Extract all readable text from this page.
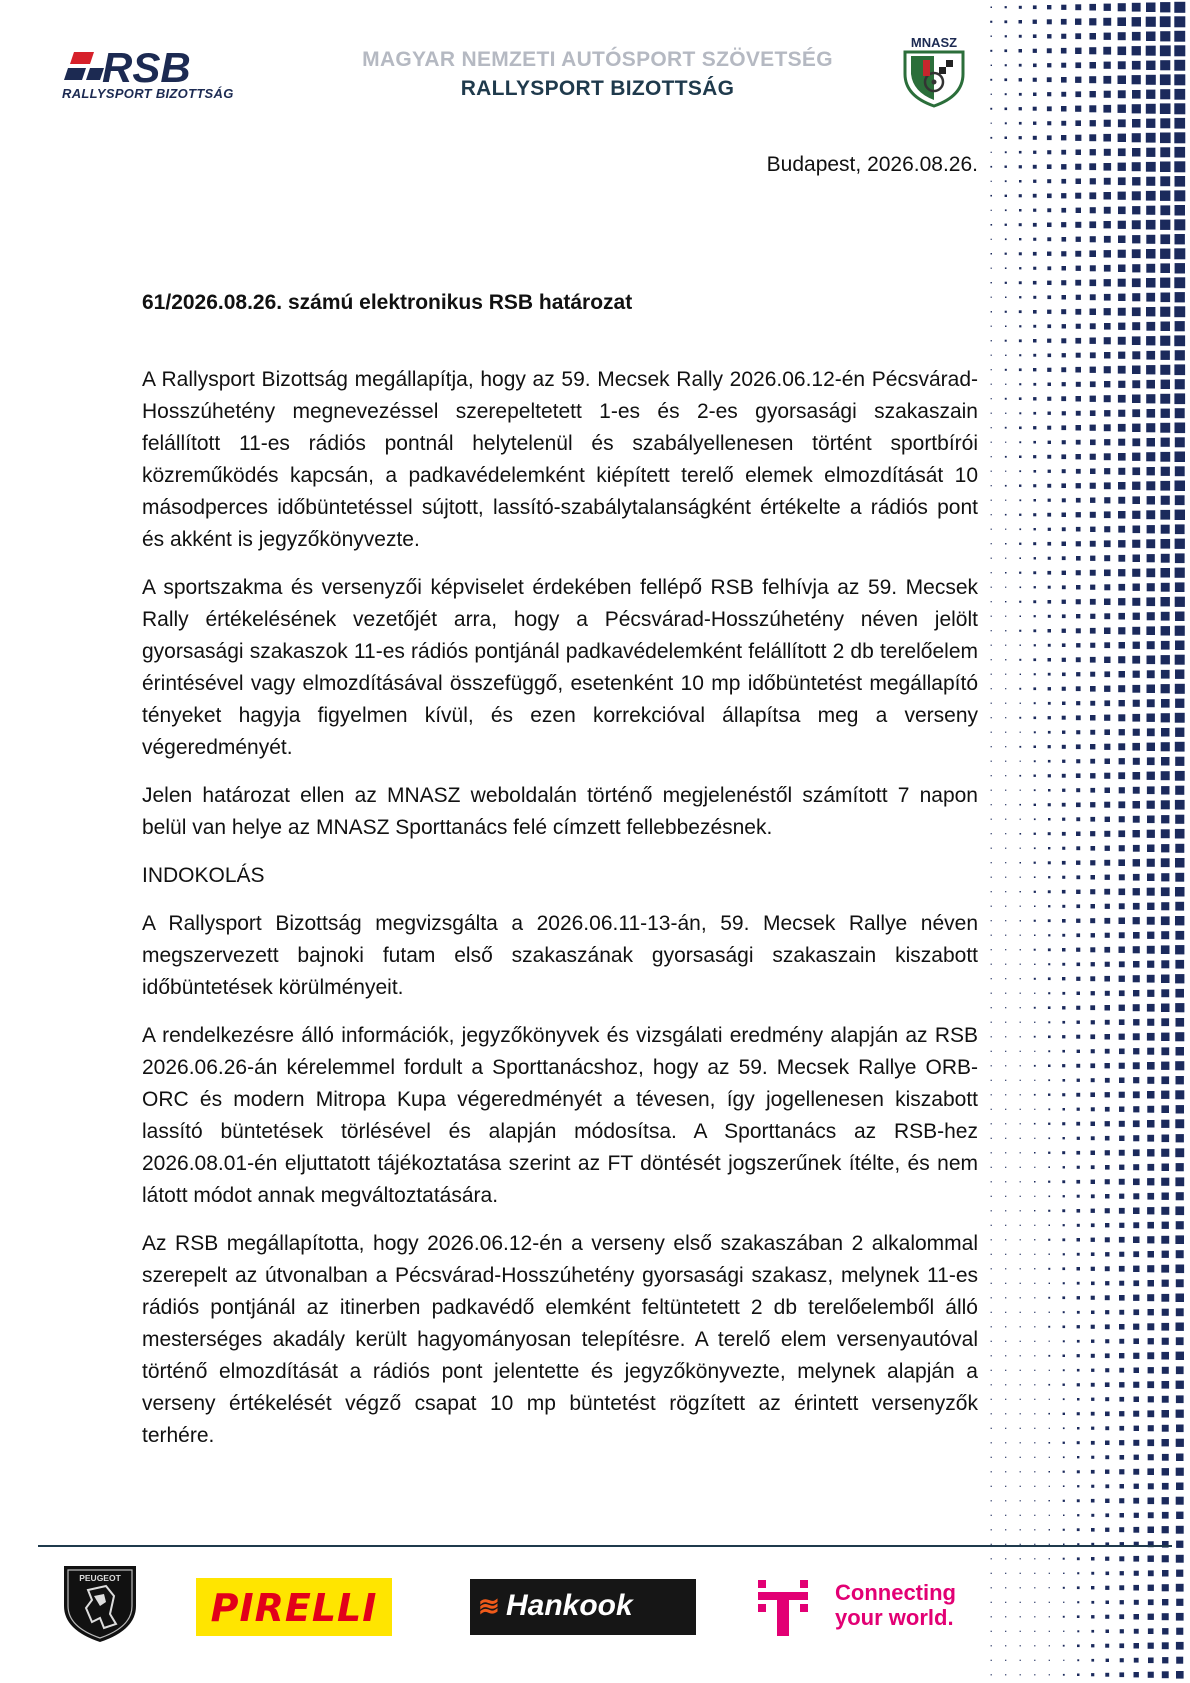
RSB
RALLYSPORT BIZOTTSÁG
MAGYAR NEMZETI AUTÓSPORT SZÖVETSÉG
RALLYSPORT BIZOTTSÁG
MNASZ
Budapest, 2026.08.26.
61/2026.08.26. számú elektronikus RSB határozat

A Rallysport Bizottság megállapítja, hogy az 59. Mecsek Rally 2026.06.12-én Pécsvárad-Hosszúhetény megnevezéssel szerepeltetett 1-es és 2-es gyorsasági szakaszain felállított 11-es rádiós pontnál helytelenül és szabályellenesen történt sportbírói közreműködés kapcsán, a padkavédelemként kiépített terelő elemek elmozdítását 10 másodperces időbüntetéssel sújtott, lassító-szabálytalanságként értékelte a rádiós pont és akként is jegyzőkönyvezte.

A sportszakma és versenyzői képviselet érdekében fellépő RSB felhívja az 59. Mecsek Rally értékelésének vezetőjét arra, hogy a Pécsvárad-Hosszúhetény néven jelölt gyorsasági szakaszok 11-es rádiós pontjánál padkavédelemként felállított 2 db terelőelem érintésével vagy elmozdításával összefüggő, esetenként 10 mp időbüntetést megállapító tényeket hagyja figyelmen kívül, és ezen korrekcióval állapítsa meg a verseny végeredményét.

Jelen határozat ellen az MNASZ weboldalán történő megjelenéstől számított 7 napon belül van helye az MNASZ Sporttanács felé címzett fellebbezésnek.

INDOKOLÁS

A Rallysport Bizottság megvizsgálta a 2026.06.11-13-án, 59. Mecsek Rallye néven megszervezett bajnoki futam első szakaszának gyorsasági szakaszain kiszabott időbüntetések körülményeit.

A rendelkezésre álló információk, jegyzőkönyvek és vizsgálati eredmény alapján az RSB 2026.06.26-án kérelemmel fordult a Sporttanácshoz, hogy az 59. Mecsek Rallye ORB-ORC és modern Mitropa Kupa végeredményét a tévesen, így jogellenesen kiszabott lassító büntetések törlésével és alapján módosítsa. A Sporttanács az RSB-hez 2026.08.01-én eljuttatott tájékoztatása szerint az FT döntését jogszerűnek ítélte, és nem látott módot annak megváltoztatására.

Az RSB megállapította, hogy 2026.06.12-én a verseny első szakaszában 2 alkalommal szerepelt az útvonalban a Pécsvárad-Hosszúhetény gyorsasági szakasz, melynek 11-es rádiós pontjánál az itinerben padkavédő elemként feltüntetett 2 db terelőelemből álló mesterséges akadály került hagyományosan telepítésre. A terelő elem versenyautóval történő elmozdítását a rádiós pont jelentette és jegyzőkönyvezte, melynek alapján a verseny értékelését végző csapat 10 mp büntetést rögzített az érintett versenyzők terhére.

PEUGEOT
PIRELLI	≋ Hankook	Connecting
your world.
